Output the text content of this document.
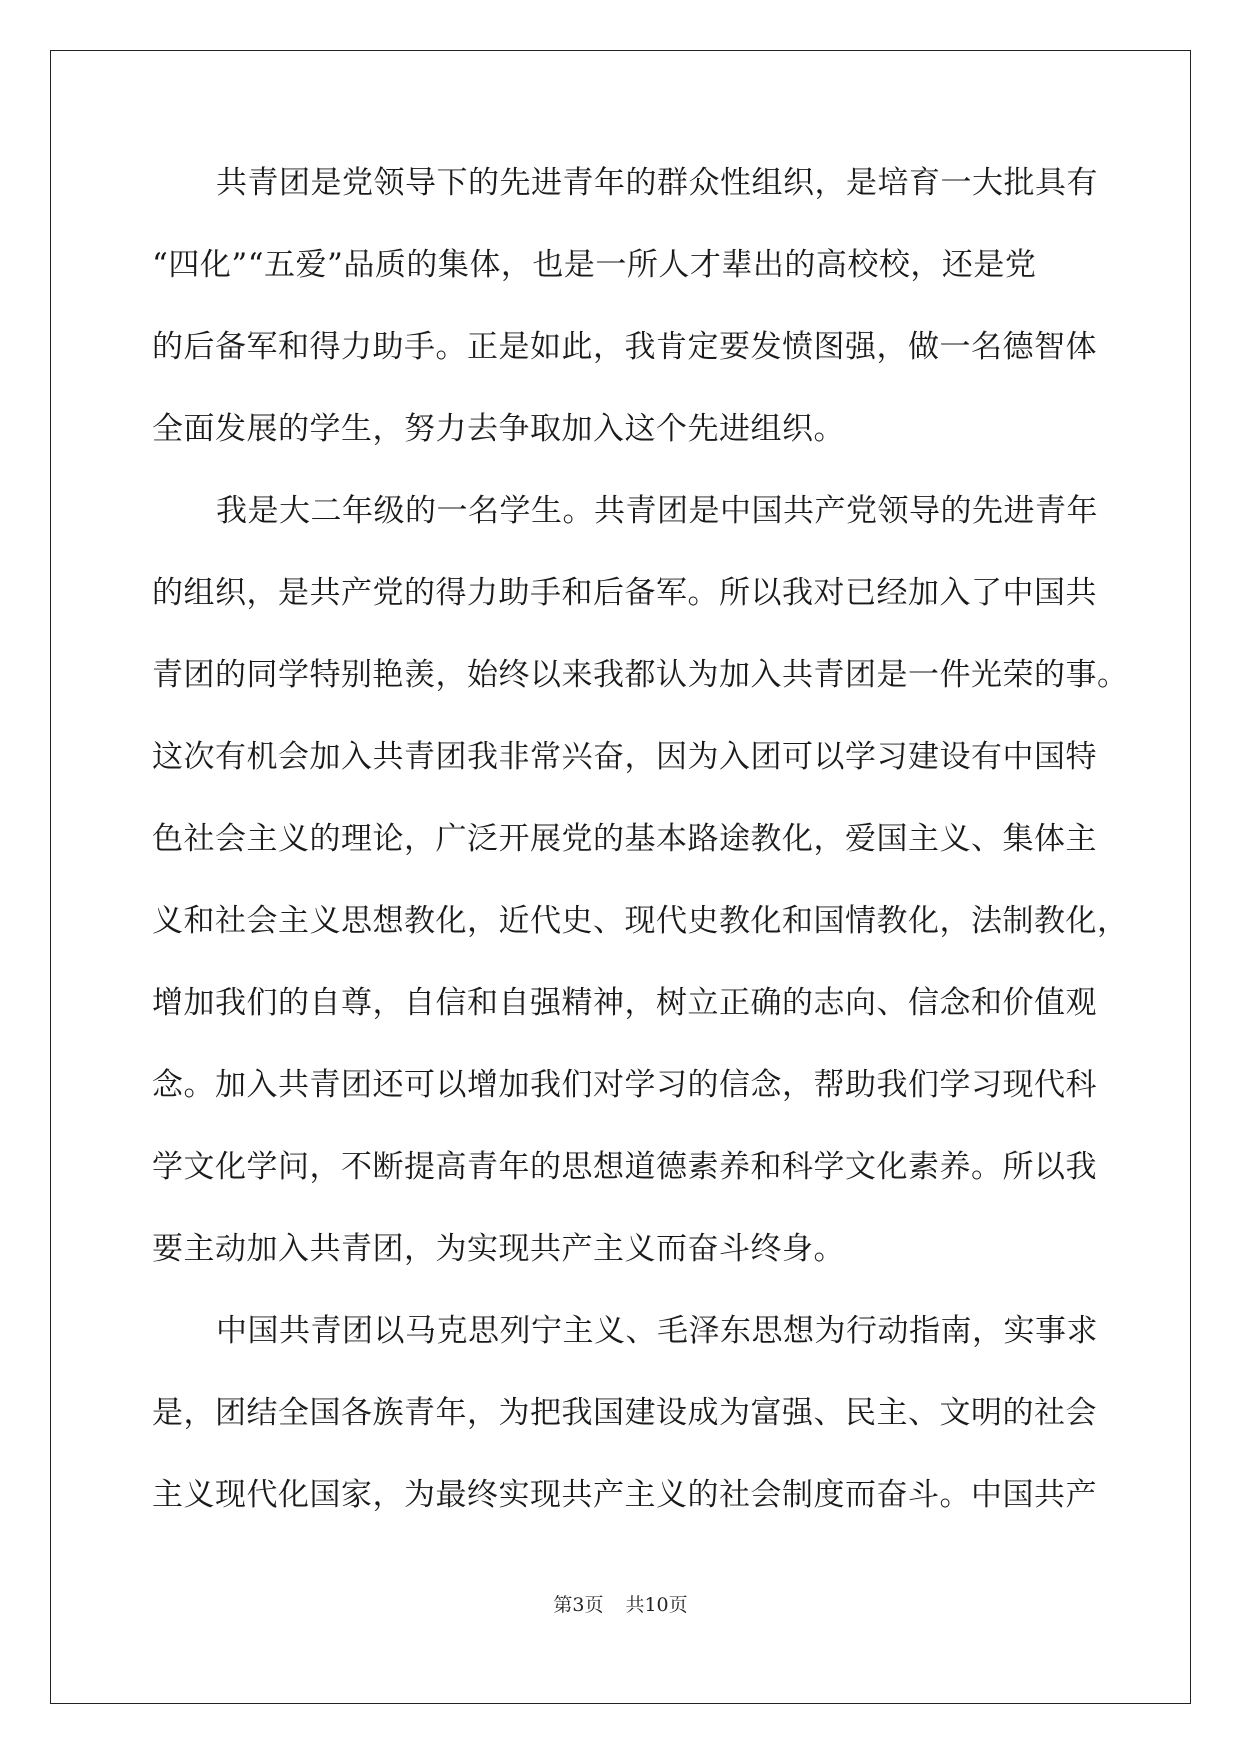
共青团是党领导下的先进青年的群众性组织，是培育一大批具有
“四化”“五爱”品质的集体，也是一所人才辈出的高校校，还是党
的后备军和得力助手。正是如此，我肯定要发愤图强，做一名德智体
全面发展的学生，努力去争取加入这个先进组织。
我是大二年级的一名学生。共青团是中国共产党领导的先进青年
的组织，是共产党的得力助手和后备军。所以我对已经加入了中国共
青团的同学特别艳羡，始终以来我都认为加入共青团是一件光荣的事。
这次有机会加入共青团我非常兴奋，因为入团可以学习建设有中国特
色社会主义的理论，广泛开展党的基本路途教化，爱国主义、集体主
义和社会主义思想教化，近代史、现代史教化和国情教化，法制教化，
增加我们的自尊，自信和自强精神，树立正确的志向、信念和价值观
念。加入共青团还可以增加我们对学习的信念，帮助我们学习现代科
学文化学问，不断提高青年的思想道德素养和科学文化素养。所以我
要主动加入共青团，为实现共产主义而奋斗终身。
中国共青团以马克思列宁主义、毛泽东思想为行动指南，实事求
是，团结全国各族青年，为把我国建设成为富强、民主、文明的社会
主义现代化国家，为最终实现共产主义的社会制度而奋斗。中国共产
第3页 共10页
